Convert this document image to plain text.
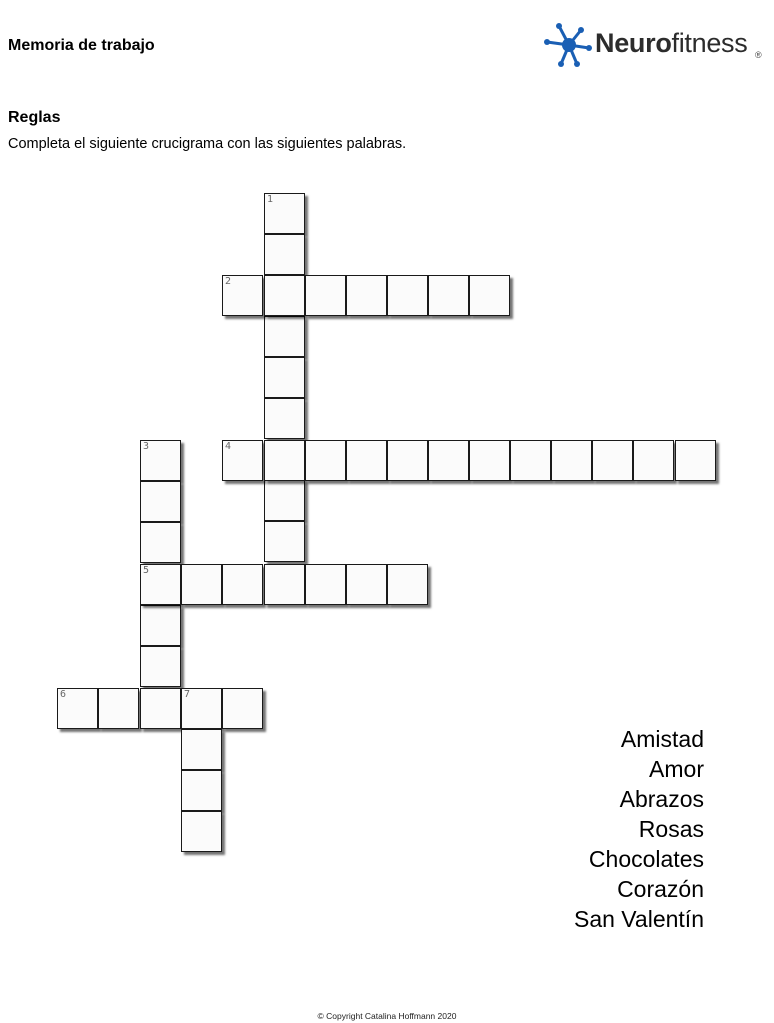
Memoria de trabajo	Neurofitness ®
Reglas
Completa el siguiente crucigrama con las siguientes palabras.
1
2
4
3
5
6	7
Amistad
Amor
Abrazos
Rosas
Chocolates
Corazón
San Valentín
© Copyright Catalina Hoffmann 2020
